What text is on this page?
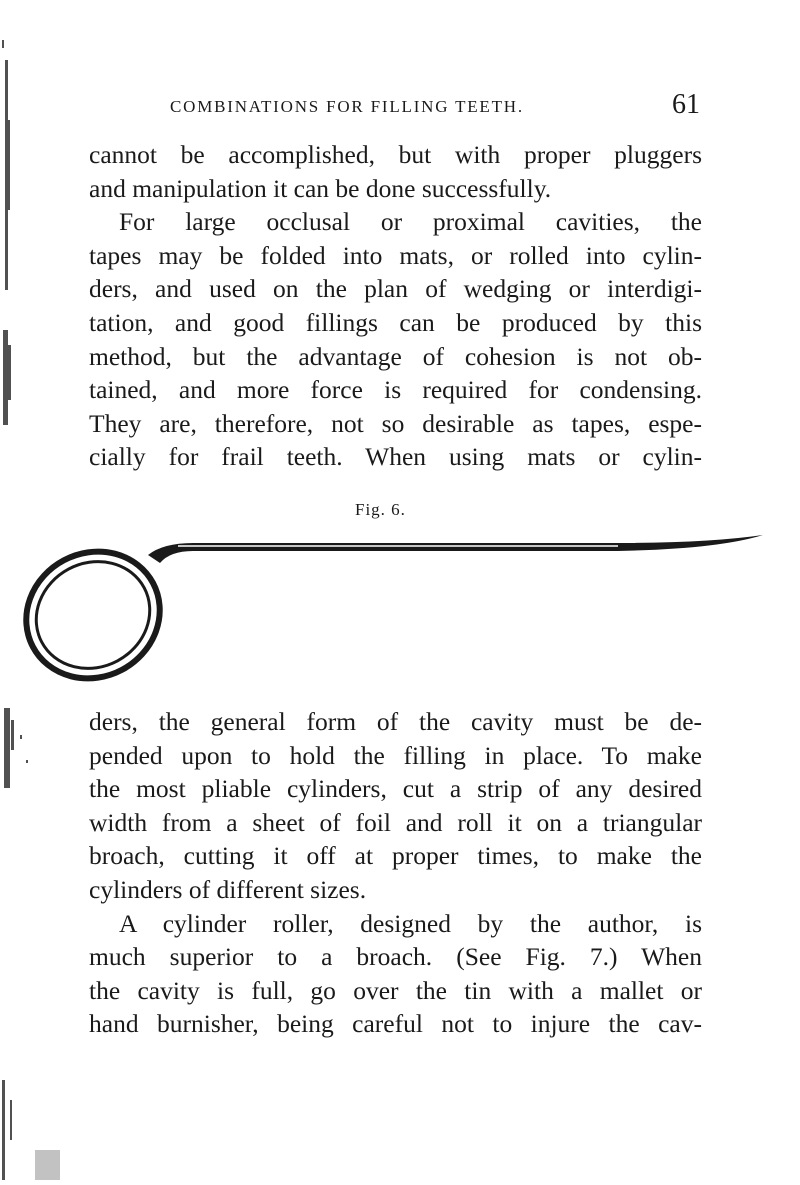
COMBINATIONS FOR FILLING TEETH.	61
cannot be accomplished, but with proper pluggers
and manipulation it can be done successfully.
For large occlusal or proximal cavities, the
tapes may be folded into mats, or rolled into cylin-
ders, and used on the plan of wedging or interdigi-
tation, and good fillings can be produced by this
method, but the advantage of cohesion is not ob-
tained, and more force is required for condensing.
They are, therefore, not so desirable as tapes, espe-
cially for frail teeth. When using mats or cylin-
Fig. 6.
ders, the general form of the cavity must be de-
pended upon to hold the filling in place. To make
the most pliable cylinders, cut a strip of any desired
width from a sheet of foil and roll it on a triangular
broach, cutting it off at proper times, to make the
cylinders of different sizes.
A cylinder roller, designed by the author, is
much superior to a broach. (See Fig. 7.) When
the cavity is full, go over the tin with a mallet or
hand burnisher, being careful not to injure the cav-
